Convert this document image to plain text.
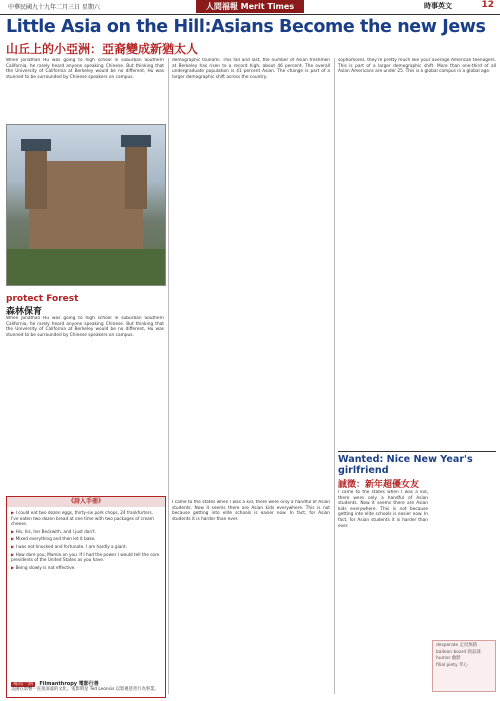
中華民國九十九年二月三日 星期六	人間福報 Merit Times	時事英文	12
Little Asia on the Hill:Asians Become the new Jews
山丘上的小亞洲：亞裔變成新猶太人

When Jonathan Hu was going to high school in suburban Southern California, he rarely heard anyone speaking Chinese. But thinking that the University of California at Berkeley would be no different, Hu was stunned to be surrounded by Chinese speakers on campus.

demographic tsunami. This fall and last, the number of Asian freshmen at Berkeley has risen to a record high, about 46 percent. The overall undergraduate population is 41 percent Asian. The change is part of a larger demographic shift across the country.

sophomores, they're pretty much like your average American teenagers. This is part of a larger demographic shift. More than one-third of all Asian Americans are under 25. This is a global campus in a global age.

I came to the states when I was a kid, there were only a handful of Asian students. Now it seems there are Asian kids everywhere. This is not because getting into elite schools is easier now. In fact, for Asian students it is harder than ever.

protect Forest
森林保育

When Jonathan Hu was going to high school in suburban Southern California, he rarely heard anyone speaking Chinese. But thinking that the University of California at Berkeley would be no different, Hu was stunned to be surrounded by Chinese speakers on campus.

《詩人手冊》
▶ I could eat two dozen eggs, thirty-six pork chops, 24 frankfurters. I've eaten two dozen bread at one time with two packages of cream cheese.
▶ His, his, her Beckwith, and I just don't.
▶ Mixed everything and then let it bake.
▶ I was not knocked and fortunate. I am hardly a giant.
▶ How dare you, Mamie on you. If I had the power I would tell the core presidents of the United States as you have.
▶ Being slowly is not effective.
每周一詞 Filmanthropy 電影行善
美國在影響一直很深遠的文化。電影明星 Ted Leonsis 以影視慈善行為事業。
Wanted: Nice New Year's girlfriend
誠徵：新年超優女友

I came to the states when I was a kid, there were only a handful of Asian students. Now it seems there are Asian kids everywhere. This is not because getting into elite schools is easier now. In fact, for Asian students it is harder than ever.

desperate 走投無路
balloon board 熱氣球
humor 幽默
filial piety 孝心
